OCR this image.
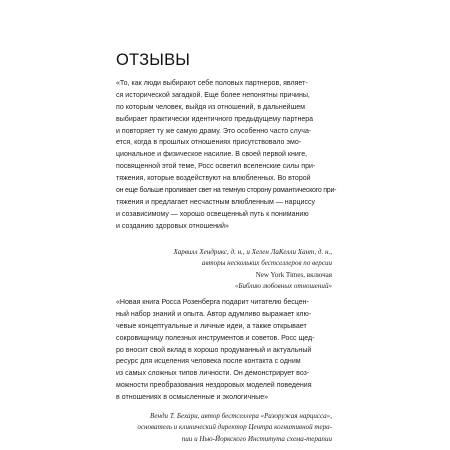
ОТЗЫВЫ
«То, как люди выбирают себе половых партнеров, являет-
ся исторической загадкой. Еще более непонятны причины,
по которым человек, выйдя из отношений, в дальнейшем
выбирает практически идентичного предыдущему партнера
и повторяет ту же самую драму. Это особенно часто случа-
ется, когда в прошлых отношениях присутствовало эмо-
циональное и физическое насилие. В своей первой книге,
посвященной этой теме, Росс осветил вселенские силы при-
тяжения, которые воздействуют на влюбленных. Во второй
он еще больше проливает свет на темную сторону романтического при-
тяжения и предлагает несчастным влюбленным — нарциссу
и созависимому — хорошо освещенный путь к пониманию
и созданию здоровых отношений»
Харвилл Хендрикс, д. н., и Хелен ЛаКелли Хант, д. н.,
авторы нескольких бестселлеров по версии
New York Times, включая
«Библию любовных отношений»
«Новая книга Росса Розенберга подарит читателю бесцен-
ный набор знаний и опыта. Автор адумливо выражает клю-
чевые концептуальные и личные идеи, а также открывает
сокровищницу полезных инструментов и советов. Росс щед-
ро вносит свой вклад в хорошо продуманный и актуальный
ресурс для исцеления человека после контакта с одним
из самых сложных типов личности. Он демонстрирует воз-
можности преобразования нездоровых моделей поведения
в отношениях в осмысленные и экологичные»
Венди Т. Бехари, автор бестселлера «Разоружая нарциссa»,
основатель и клинический директор Центра когнитивной тера-
пии и Нью-Йоркского Института схема-терапии
